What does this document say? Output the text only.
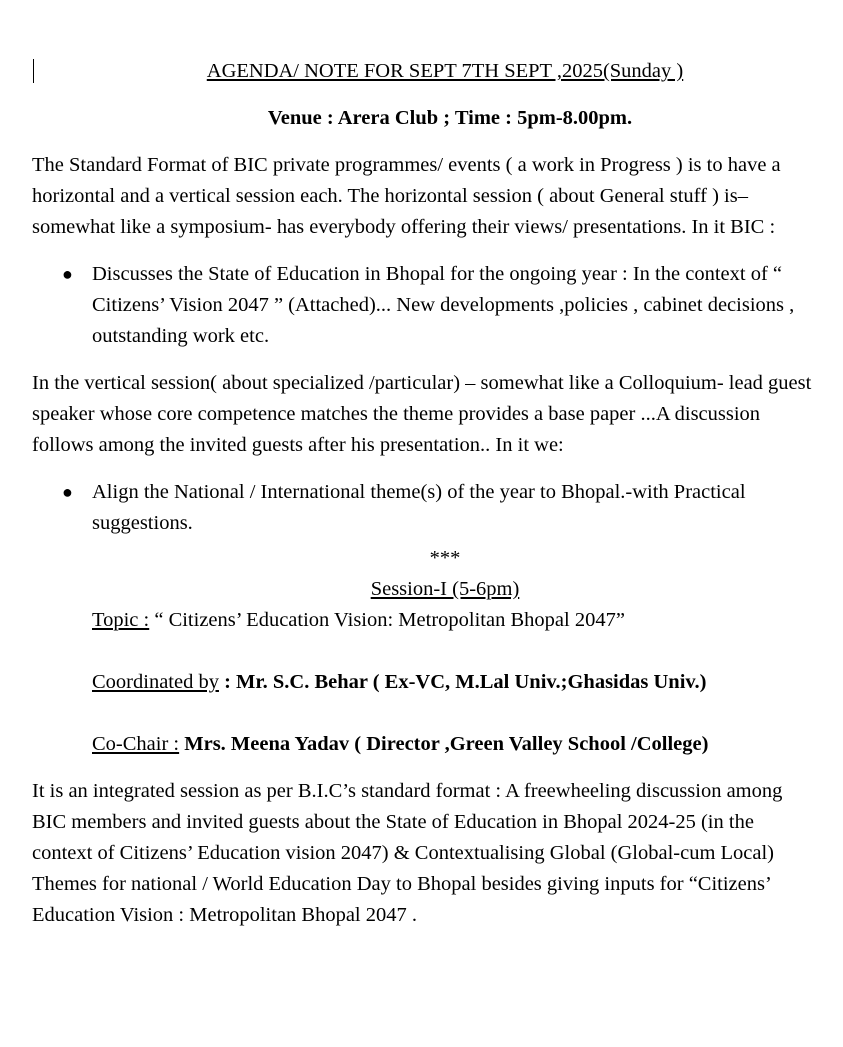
AGENDA/ NOTE FOR SEPT 7TH SEPT ,2025(Sunday )
Venue : Arera Club ; Time : 5pm-8.00pm.

The Standard Format of BIC private programmes/ events ( a work in Progress ) is to have a horizontal and a vertical session each. The horizontal session ( about General stuff ) is– somewhat like a symposium- has everybody offering their views/ presentations. In it BIC :

● Discusses the State of Education in Bhopal for the ongoing year : In the context of “ Citizens’ Vision 2047 ” (Attached)... New developments ,policies , cabinet decisions , outstanding work etc.

In the vertical session( about specialized /particular) – somewhat like a Colloquium- lead guest speaker whose core competence matches the theme provides a base paper ...A discussion follows among the invited guests after his presentation.. In it we:

● Align the National / International theme(s) of the year to Bhopal.-with Practical suggestions.
***
Session-I (5-6pm)
Topic : “ Citizens’ Education Vision: Metropolitan Bhopal 2047”
Coordinated by : Mr. S.C. Behar ( Ex-VC, M.Lal Univ.;Ghasidas Univ.)
Co-Chair : Mrs. Meena Yadav ( Director ,Green Valley School /College)

It is an integrated session as per B.I.C’s standard format : A freewheeling discussion among BIC members and invited guests about the State of Education in Bhopal 2024-25 (in the context of Citizens’ Education vision 2047) & Contextualising Global (Global-cum Local) Themes for national / World Education Day to Bhopal besides giving inputs for “Citizens’ Education Vision : Metropolitan Bhopal 2047 .
